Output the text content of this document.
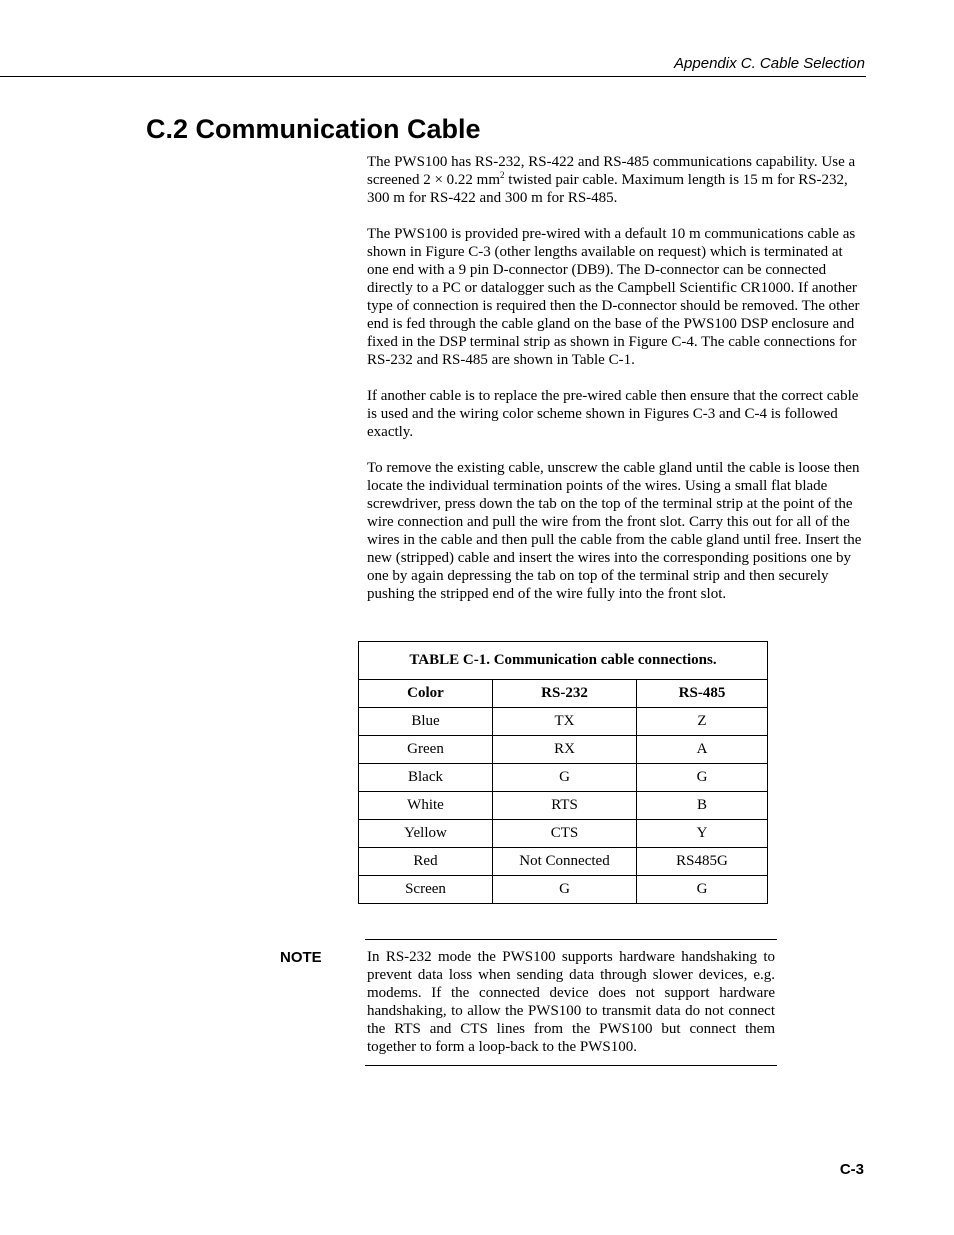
Appendix C. Cable Selection
C.2 Communication Cable

The PWS100 has RS-232, RS-422 and RS-485 communications capability. Use a screened 2 × 0.22 $mm^2$ twisted pair cable. Maximum length is 15 m for RS-232, 300 m for RS-422 and 300 m for RS-485.

The PWS100 is provided pre-wired with a default 10 m communications cable as shown in Figure C-3 (other lengths available on request) which is terminated at one end with a 9 pin D-connector (DB9). The D-connector can be connected directly to a PC or datalogger such as the Campbell Scientific CR1000. If another type of connection is required then the D-connector should be removed. The other end is fed through the cable gland on the base of the PWS100 DSP enclosure and fixed in the DSP terminal strip as shown in Figure C-4. The cable connections for RS-232 and RS-485 are shown in Table C-1.

If another cable is to replace the pre-wired cable then ensure that the correct cable is used and the wiring color scheme shown in Figures C-3 and C-4 is followed exactly.

To remove the existing cable, unscrew the cable gland until the cable is loose then locate the individual termination points of the wires. Using a small flat blade screwdriver, press down the tab on the top of the terminal strip at the point of the wire connection and pull the wire from the front slot. Carry this out for all of the wires in the cable and then pull the cable from the cable gland until free. Insert the new (stripped) cable and insert the wires into the corresponding positions one by one by again depressing the tab on top of the terminal strip and then securely pushing the stripped end of the wire fully into the front slot.

TABLE C-1. Communication cable connections.		
Color	RS-232	RS-485
Blue	TX	Z
Green	RX	A
Black	G	G
White	RTS	B
Yellow	CTS	Y
Red	Not Connected	RS485G
Screen	G	G
NOTE	In RS-232 mode the PWS100 supports hardware handshaking to prevent data loss when sending data through slower devices, e.g. modems. If the connected device does not support hardware handshaking, to allow the PWS100 to transmit data do not connect the RTS and CTS lines from the PWS100 but connect them together to form a loop-back to the PWS100.
C-3
